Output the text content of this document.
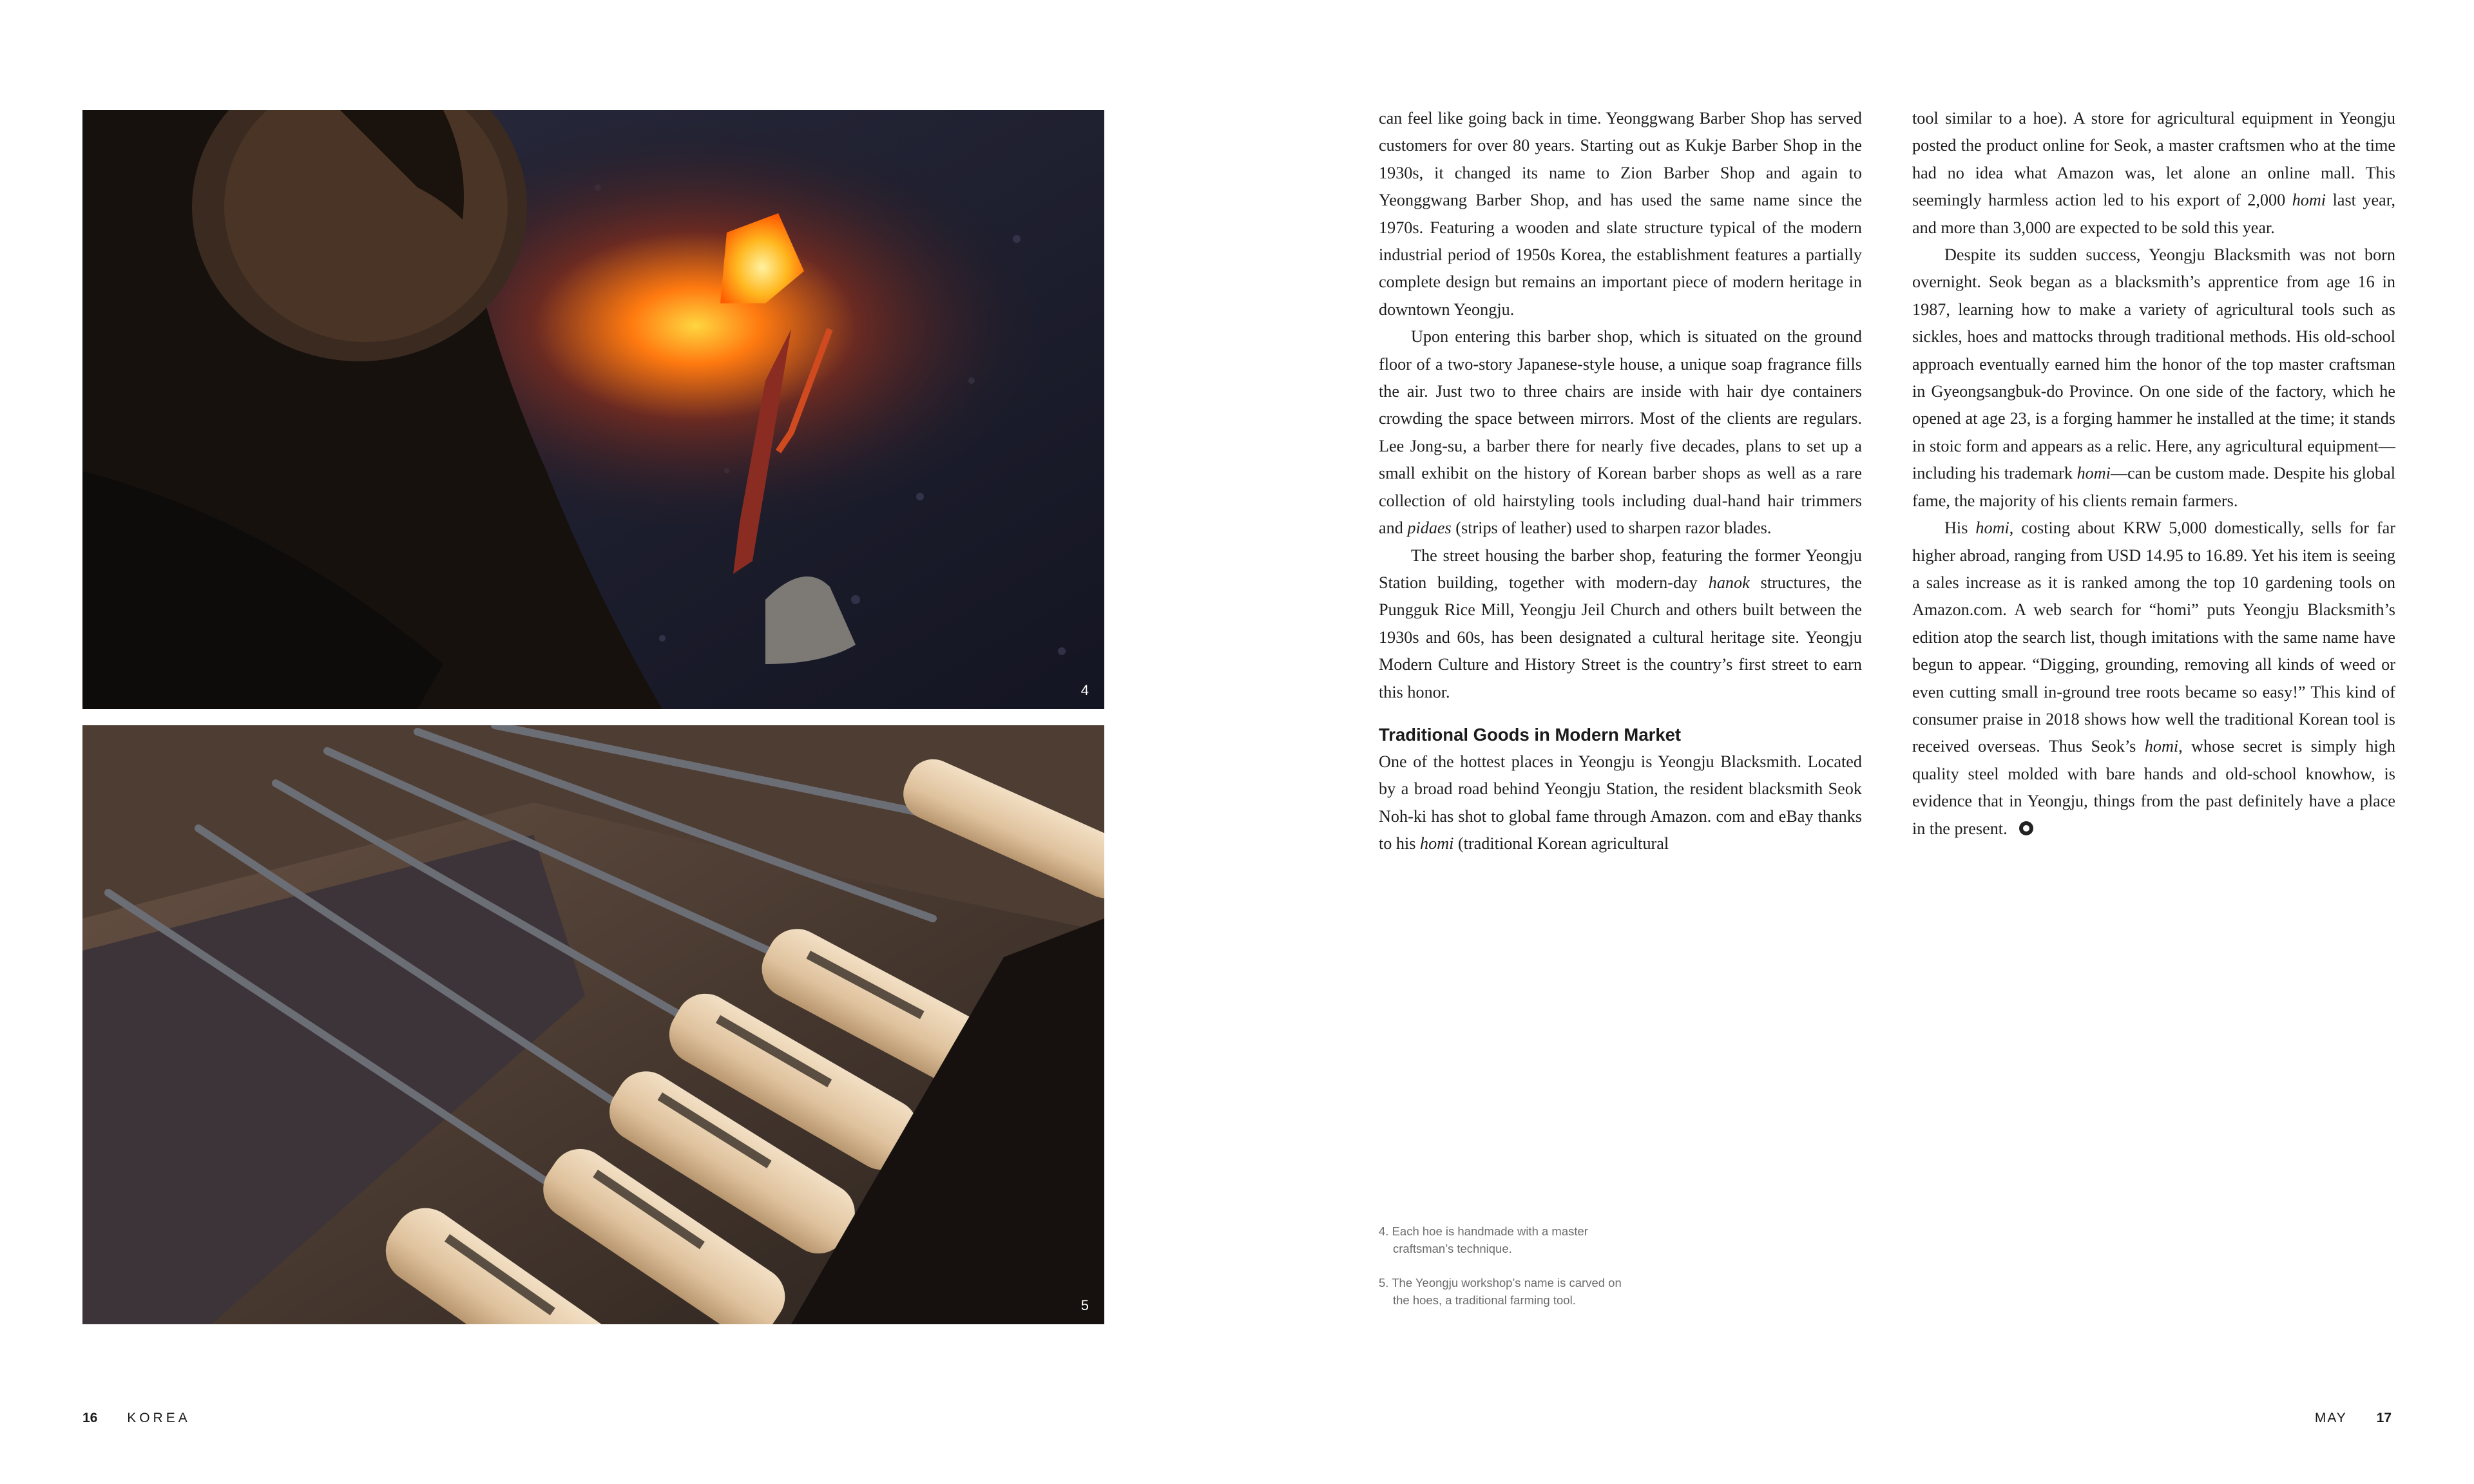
4
5

can feel like going back in time. Yeonggwang Barber Shop has served customers for over 80 years. Starting out as Kukje Barber Shop in the 1930s, it changed its name to Zion Barber Shop and again to Yeonggwang Barber Shop, and has used the same name since the 1970s. Featuring a wooden and slate structure typical of the modern industrial period of 1950s Korea, the establishment features a partially complete design but remains an important piece of modern heritage in downtown Yeongju.

Upon entering this barber shop, which is situated on the ground floor of a two-story Japanese-style house, a unique soap fragrance fills the air. Just two to three chairs are inside with hair dye containers crowding the space between mirrors. Most of the clients are regulars. Lee Jong-su, a barber there for nearly five decades, plans to set up a small exhibit on the history of Korean barber shops as well as a rare collection of old hairstyling tools including dual-hand hair trimmers and pidaes (strips of leather) used to sharpen razor blades.

The street housing the barber shop, featuring the former Yeongju Station building, together with modern-day hanok structures, the Pungguk Rice Mill, Yeongju Jeil Church and others built between the 1930s and 60s, has been designated a cultural heritage site. Yeongju Modern Culture and History Street is the country’s first street to earn this honor.

Traditional Goods in Modern Market

One of the hottest places in Yeongju is Yeongju Blacksmith. Located by a broad road behind Yeongju Station, the resident blacksmith Seok Noh-ki has shot to global fame through Amazon. com and eBay thanks to his homi (traditional Korean agricultural

tool similar to a hoe). A store for agricultural equipment in Yeongju posted the product online for Seok, a master craftsmen who at the time had no idea what Amazon was, let alone an online mall. This seemingly harmless action led to his export of 2,000 homi last year, and more than 3,000 are expected to be sold this year.

Despite its sudden success, Yeongju Blacksmith was not born overnight. Seok began as a blacksmith’s apprentice from age 16 in 1987, learning how to make a variety of agricultural tools such as sickles, hoes and mattocks through traditional methods. His old-school approach eventually earned him the honor of the top master craftsman in Gyeongsangbuk-do Province. On one side of the factory, which he opened at age 23, is a forging hammer he installed at the time; it stands in stoic form and appears as a relic. Here, any agricultural equipment—including his trademark homi—can be custom made. Despite his global fame, the majority of his clients remain farmers.

His homi, costing about KRW 5,000 domestically, sells for far higher abroad, ranging from USD 14.95 to 16.89. Yet his item is seeing a sales increase as it is ranked among the top 10 gardening tools on Amazon.com. A web search for “homi” puts Yeongju Blacksmith’s edition atop the search list, though imitations with the same name have begun to appear. “Digging, grounding, removing all kinds of weed or even cutting small in-ground tree roots became so easy!” This kind of consumer praise in 2018 shows how well the traditional Korean tool is received overseas. Thus Seok’s homi, whose secret is simply high quality steel molded with bare hands and old-school knowhow, is evidence that in Yeongju, things from the past definitely have a place in the present.

4. Each hoe is handmade with a master craftsman’s technique.

5. The Yeongju workshop’s name is carved on the hoes, a traditional farming tool.

16 KOREA	MAY 17
